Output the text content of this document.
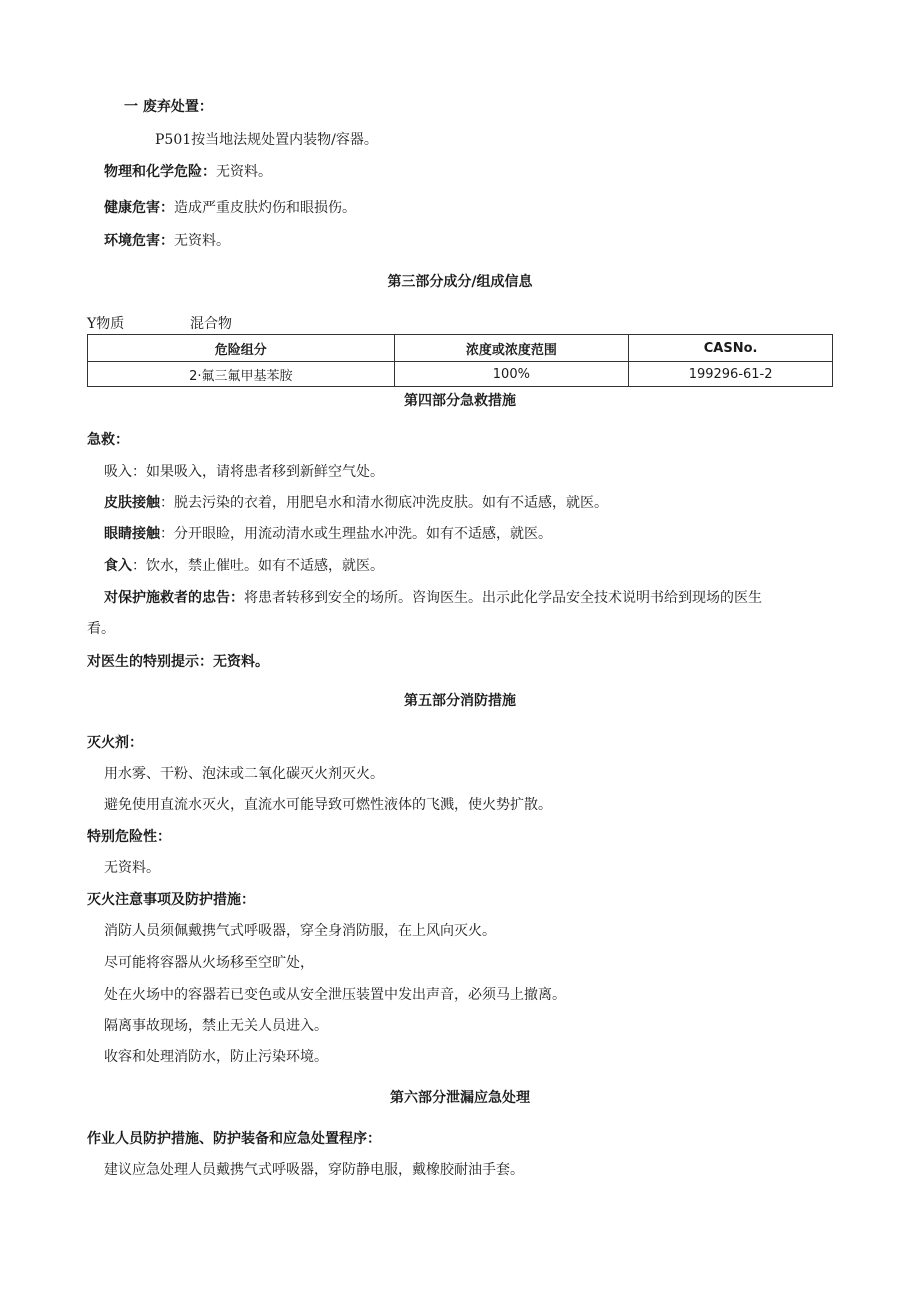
一 废弃处置：
P501按当地法规处置内装物/容器。
物理和化学危险：无资料。
健康危害：造成严重皮肤灼伤和眼损伤。
环境危害：无资料。
第三部分成分/组成信息
Y物质	混合物
危险组分	浓度或浓度范围	CASNo.
2·氟三氟甲基苯胺	100%	199296-61-2
第四部分急救措施
急救：
吸入：如果吸入，请将患者移到新鲜空气处。
皮肤接触：脱去污染的衣着，用肥皂水和清水彻底冲洗皮肤。如有不适感，就医。
眼睛接触：分开眼睑，用流动清水或生理盐水冲洗。如有不适感，就医。
食入：饮水，禁止催吐。如有不适感，就医。
对保护施救者的忠告：将患者转移到安全的场所。咨询医生。出示此化学品安全技术说明书给到现场的医生
看。
对医生的特别提示：无资料。
第五部分消防措施
灭火剂：
用水雾、干粉、泡沫或二氧化碳灭火剂灭火。
避免使用直流水灭火，直流水可能导致可燃性液体的飞溅，使火势扩散。
特别危险性：
无资料。
灭火注意事项及防护措施：
消防人员须佩戴携气式呼吸器，穿全身消防服，在上风向灭火。
尽可能将容器从火场移至空旷处，
处在火场中的容器若已变色或从安全泄压装置中发出声音，必须马上撤离。
隔离事故现场，禁止无关人员进入。
收容和处理消防水，防止污染环境。
第六部分泄漏应急处理
作业人员防护措施、防护装备和应急处置程序：
建议应急处理人员戴携气式呼吸器，穿防静电服，戴橡胶耐油手套。
